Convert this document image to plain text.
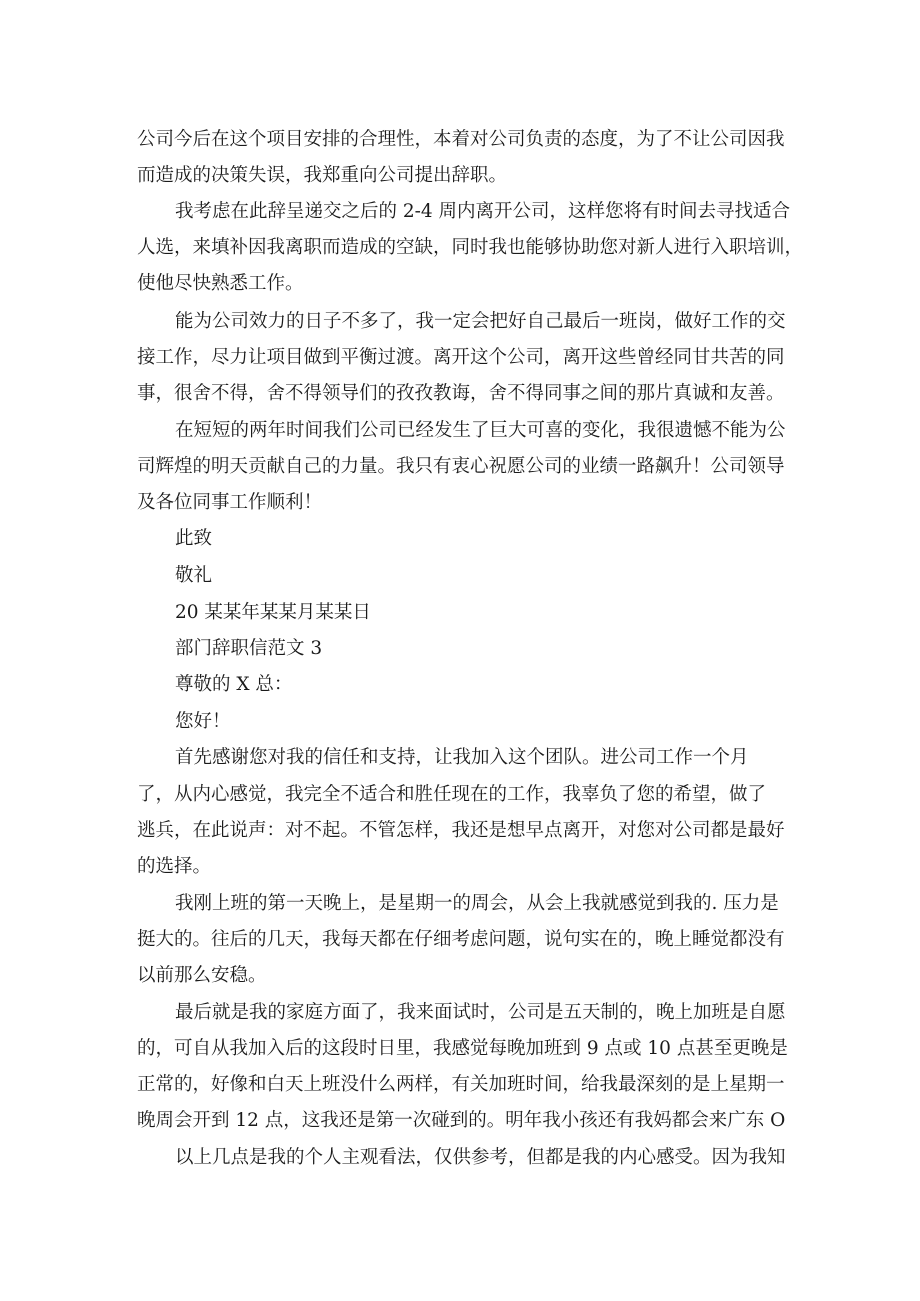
公司今后在这个项目安排的合理性，本着对公司负责的态度，为了不让公司因我

而造成的决策失误，我郑重向公司提出辞职。

我考虑在此辞呈递交之后的 2-4 周内离开公司，这样您将有时间去寻找适合

人选，来填补因我离职而造成的空缺，同时我也能够协助您对新人进行入职培训，

使他尽快熟悉工作。

能为公司效力的日子不多了，我一定会把好自己最后一班岗，做好工作的交

接工作，尽力让项目做到平衡过渡。离开这个公司，离开这些曾经同甘共苦的同

事，很舍不得，舍不得领导们的孜孜教诲，舍不得同事之间的那片真诚和友善。

在短短的两年时间我们公司已经发生了巨大可喜的变化，我很遗憾不能为公

司辉煌的明天贡献自己的力量。我只有衷心祝愿公司的业绩一路飙升！公司领导

及各位同事工作顺利！

此致

敬礼

20 某某年某某月某某日

部门辞职信范文 3

尊敬的 X 总：

您好！

首先感谢您对我的信任和支持，让我加入这个团队。进公司工作一个月

了，从内心感觉，我完全不适合和胜任现在的工作，我辜负了您的希望，做了

逃兵，在此说声：对不起。不管怎样，我还是想早点离开，对您对公司都是最好

的选择。

我刚上班的第一天晚上，是星期一的周会，从会上我就感觉到我的. 压力是

挺大的。往后的几天，我每天都在仔细考虑问题，说句实在的，晚上睡觉都没有

以前那么安稳。

最后就是我的家庭方面了，我来面试时，公司是五天制的，晚上加班是自愿

的，可自从我加入后的这段时日里，我感觉每晚加班到 9 点或 10 点甚至更晚是

正常的，好像和白天上班没什么两样，有关加班时间，给我最深刻的是上星期一

晚周会开到 12 点，这我还是第一次碰到的。明年我小孩还有我妈都会来广东 O

以上几点是我的个人主观看法，仅供参考，但都是我的内心感受。因为我知
